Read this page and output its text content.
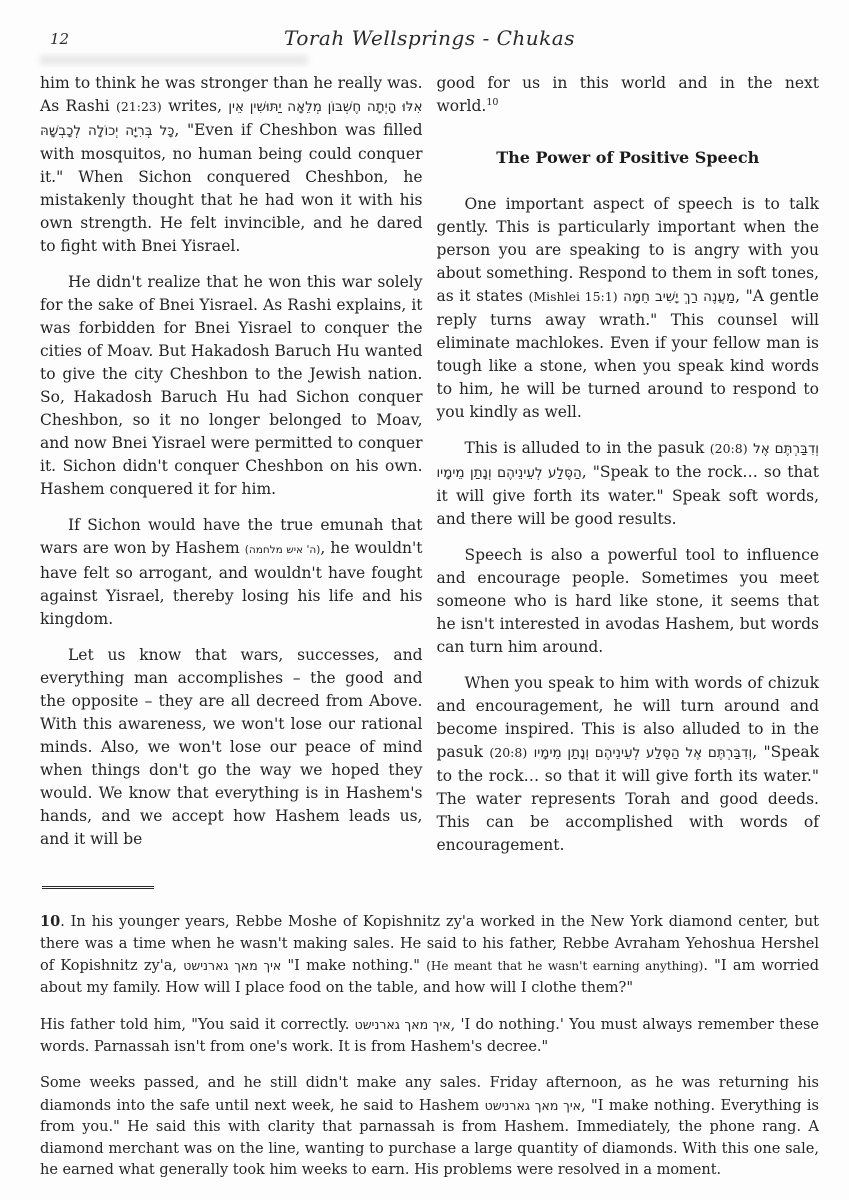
12	Torah Wellsprings - Chukas

him to think he was stronger than he really was. As Rashi (21:23) writes, אִלּוּ הָיְתָה חֶשְׁבּוֹן מְלֵאָה יַתּוּשִׁין אֵין כָּל בְּרִיָּה יְכוֹלָה לְכָבְשָׁהּ, "Even if Cheshbon was filled with mosquitos, no human being could conquer it." When Sichon conquered Cheshbon, he mistakenly thought that he had won it with his own strength. He felt invincible, and he dared to fight with Bnei Yisrael.

He didn't realize that he won this war solely for the sake of Bnei Yisrael. As Rashi explains, it was forbidden for Bnei Yisrael to conquer the cities of Moav. But Hakadosh Baruch Hu wanted to give the city Cheshbon to the Jewish nation. So, Hakadosh Baruch Hu had Sichon conquer Cheshbon, so it no longer belonged to Moav, and now Bnei Yisrael were permitted to conquer it. Sichon didn't conquer Cheshbon on his own. Hashem conquered it for him.

If Sichon would have the true emunah that wars are won by Hashem (ה' איש מלחמה), he wouldn't have felt so arrogant, and wouldn't have fought against Yisrael, thereby losing his life and his kingdom.

Let us know that wars, successes, and everything man accomplishes – the good and the opposite – they are all decreed from Above. With this awareness, we won't lose our rational minds. Also, we won't lose our peace of mind when things don't go the way we hoped they would. We know that everything is in Hashem's hands, and we accept how Hashem leads us, and it will be

good for us in this world and in the next world.$^{10}$

The Power of Positive Speech

One important aspect of speech is to talk gently. This is particularly important when the person you are speaking to is angry with you about something. Respond to them in soft tones, as it states (Mishlei 15:1) מַעֲנֶה רַךְ יָשִׁיב חֵמָה, "A gentle reply turns away wrath." This counsel will eliminate machlokes. Even if your fellow man is tough like a stone, when you speak kind words to him, he will be turned around to respond to you kindly as well.

This is alluded to in the pasuk (20:8) וְדִבַּרְתֶּם אֶל הַסֶּלַע לְעֵינֵיהֶם וְנָתַן מֵימָיו, "Speak to the rock… so that it will give forth its water." Speak soft words, and there will be good results.

Speech is also a powerful tool to influence and encourage people. Sometimes you meet someone who is hard like stone, it seems that he isn't interested in avodas Hashem, but words can turn him around.

When you speak to him with words of chizuk and encouragement, he will turn around and become inspired. This is also alluded to in the pasuk (20:8) וְדִבַּרְתֶּם אֶל הַסֶּלַע לְעֵינֵיהֶם וְנָתַן מֵימָיו, "Speak to the rock… so that it will give forth its water." The water represents Torah and good deeds. This can be accomplished with words of encouragement.

10. In his younger years, Rebbe Moshe of Kopishnitz zy'a worked in the New York diamond center, but there was a time when he wasn't making sales. He said to his father, Rebbe Avraham Yehoshua Hershel of Kopishnitz zy'a, איך מאך גארנישט "I make nothing." (He meant that he wasn't earning anything). "I am worried about my family. How will I place food on the table, and how will I clothe them?"

His father told him, "You said it correctly. איך מאך גארנישט, 'I do nothing.' You must always remember these words. Parnassah isn't from one's work. It is from Hashem's decree."

Some weeks passed, and he still didn't make any sales. Friday afternoon, as he was returning his diamonds into the safe until next week, he said to Hashem איך מאך גארנישט, "I make nothing. Everything is from you." He said this with clarity that parnassah is from Hashem. Immediately, the phone rang. A diamond merchant was on the line, wanting to purchase a large quantity of diamonds. With this one sale, he earned what generally took him weeks to earn. His problems were resolved in a moment.
